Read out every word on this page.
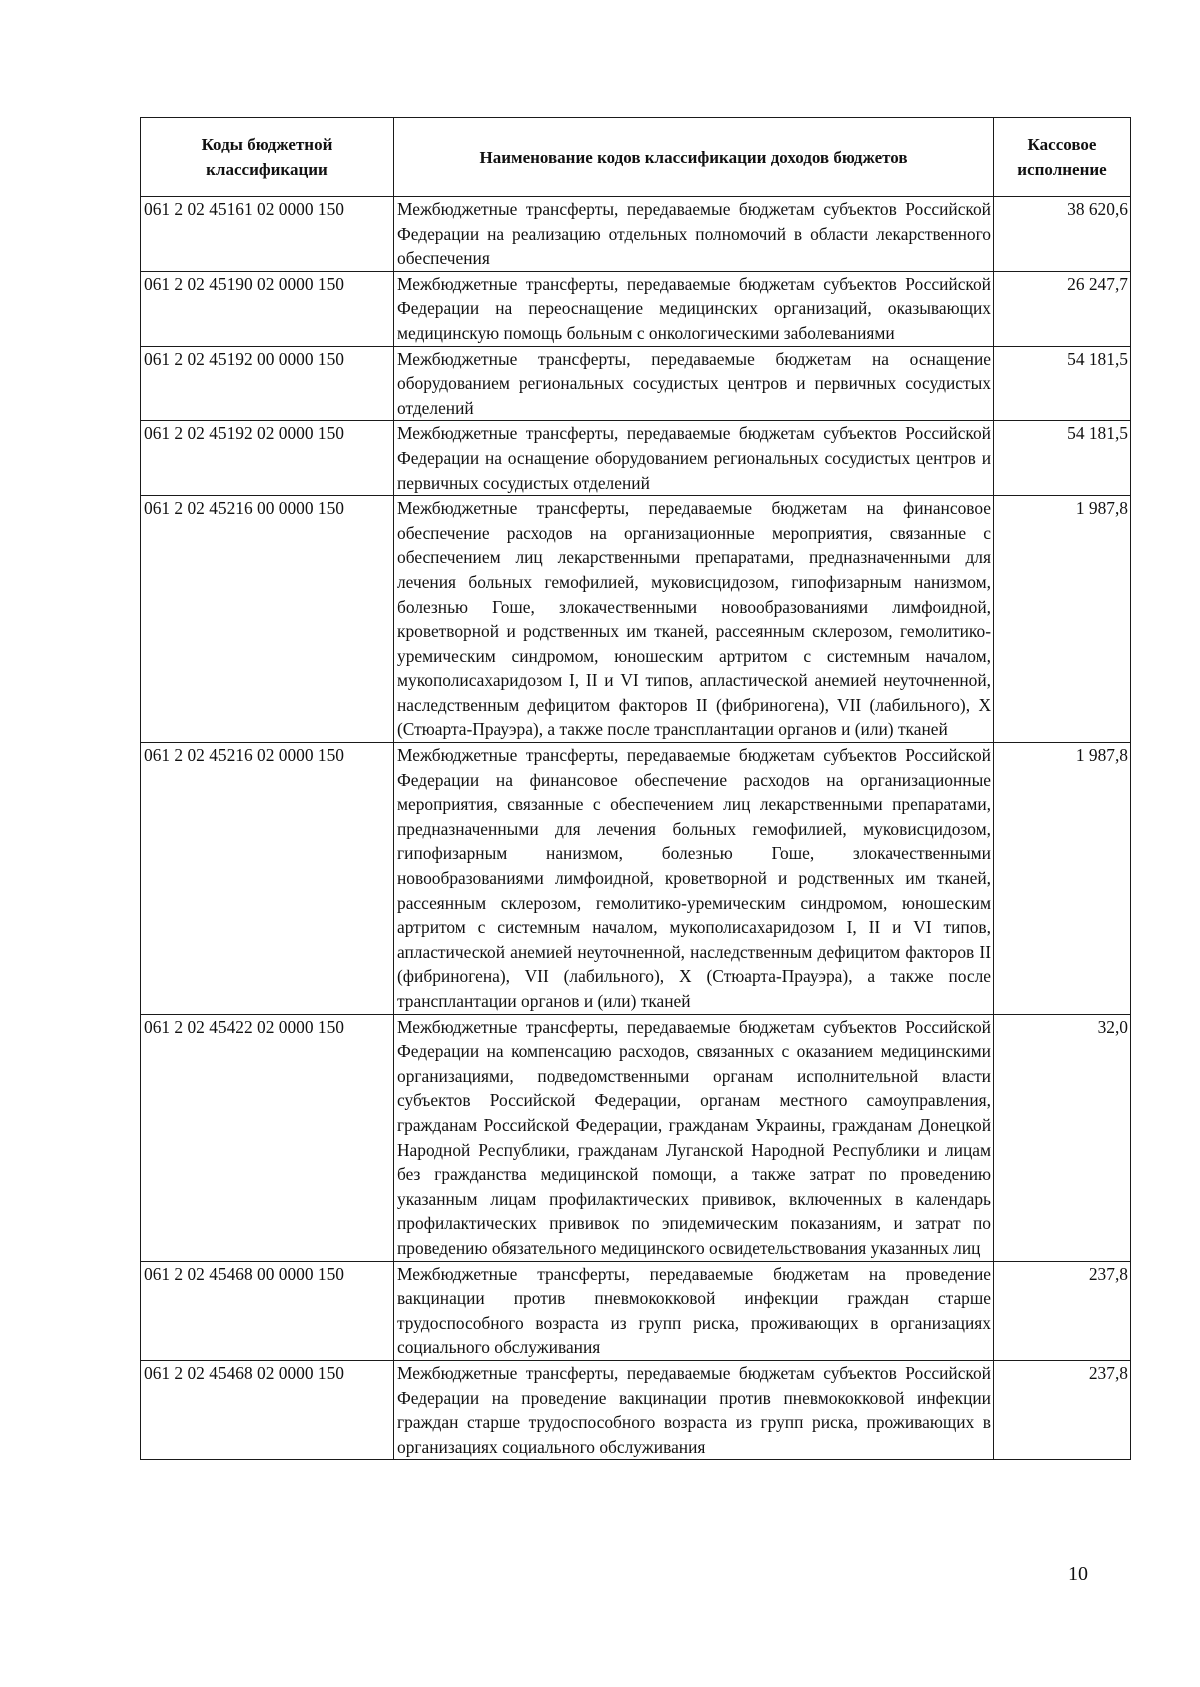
Коды бюджетной классификации	Наименование кодов классификации доходов бюджетов	Кассовое исполнение
061 2 02 45161 02 0000 150	Межбюджетные трансферты, передаваемые бюджетам субъектов Российской Федерации на реализацию отдельных полномочий в области лекарственного обеспечения	38 620,6
061 2 02 45190 02 0000 150	Межбюджетные трансферты, передаваемые бюджетам субъектов Российской Федерации на переоснащение медицинских организаций, оказывающих медицинскую помощь больным с онкологическими заболеваниями	26 247,7
061 2 02 45192 00 0000 150	Межбюджетные трансферты, передаваемые бюджетам на оснащение оборудованием региональных сосудистых центров и первичных сосудистых отделений	54 181,5
061 2 02 45192 02 0000 150	Межбюджетные трансферты, передаваемые бюджетам субъектов Российской Федерации на оснащение оборудованием региональных сосудистых центров и первичных сосудистых отделений	54 181,5
061 2 02 45216 00 0000 150	Межбюджетные трансферты, передаваемые бюджетам на финансовое обеспечение расходов на организационные мероприятия, связанные с обеспечением лиц лекарственными препаратами, предназначенными для лечения больных гемофилией, муковисцидозом, гипофизарным нанизмом, болезнью Гоше, злокачественными новообразованиями лимфоидной, кроветворной и родственных им тканей, рассеянным склерозом, гемолитико-уремическим синдромом, юношеским артритом с системным началом, мукополисахаридозом I, II и VI типов, апластической анемией неуточненной, наследственным дефицитом факторов II (фибриногена), VII (лабильного), X (Стюарта-Прауэра), а также после трансплантации органов и (или) тканей	1 987,8
061 2 02 45216 02 0000 150	Межбюджетные трансферты, передаваемые бюджетам субъектов Российской Федерации на финансовое обеспечение расходов на организационные мероприятия, связанные с обеспечением лиц лекарственными препаратами, предназначенными для лечения больных гемофилией, муковисцидозом, гипофизарным нанизмом, болезнью Гоше, злокачественными новообразованиями лимфоидной, кроветворной и родственных им тканей, рассеянным склерозом, гемолитико-уремическим синдромом, юношеским артритом с системным началом, мукополисахаридозом I, II и VI типов, апластической анемией неуточненной, наследственным дефицитом факторов II (фибриногена), VII (лабильного), X (Стюарта-Прауэра), а также после трансплантации органов и (или) тканей	1 987,8
061 2 02 45422 02 0000 150	Межбюджетные трансферты, передаваемые бюджетам субъектов Российской Федерации на компенсацию расходов, связанных с оказанием медицинскими организациями, подведомственными органам исполнительной власти субъектов Российской Федерации, органам местного самоуправления, гражданам Российской Федерации, гражданам Украины, гражданам Донецкой Народной Республики, гражданам Луганской Народной Республики и лицам без гражданства медицинской помощи, а также затрат по проведению указанным лицам профилактических прививок, включенных в календарь профилактических прививок по эпидемическим показаниям, и затрат по проведению обязательного медицинского освидетельствования указанных лиц	32,0
061 2 02 45468 00 0000 150	Межбюджетные трансферты, передаваемые бюджетам на проведение вакцинации против пневмококковой инфекции граждан старше трудоспособного возраста из групп риска, проживающих в организациях социального обслуживания	237,8
061 2 02 45468 02 0000 150	Межбюджетные трансферты, передаваемые бюджетам субъектов Российской Федерации на проведение вакцинации против пневмококковой инфекции граждан старше трудоспособного возраста из групп риска, проживающих в организациях социального обслуживания	237,8
10
